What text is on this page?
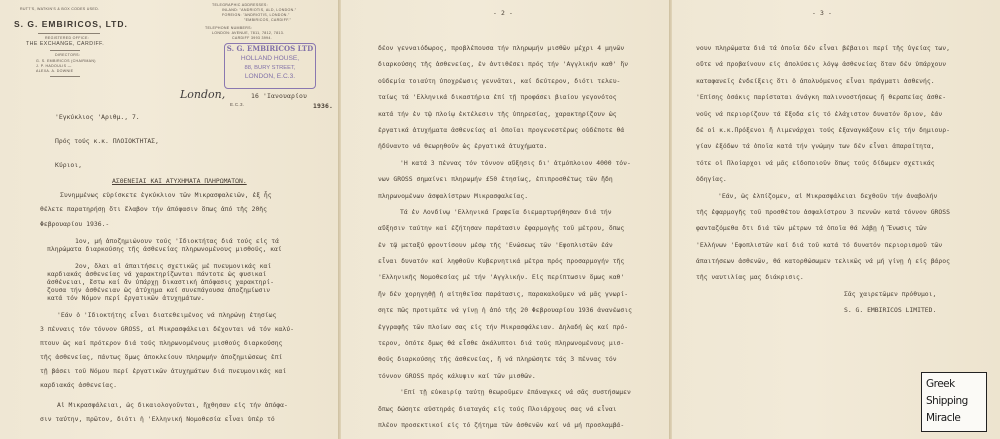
RUTT'S, WATKIN'S & BOX CODES USED.
S. G. EMBIRICOS, LTD.
REGISTERED OFFICE:
THE EXCHANGE, CARDIFF.
DIRECTORS:
G. S. EMBIRICOS (CHAIRMAN)
J. P. HADOULIS —
ALEXA. A. DOWNIE
TELEGRAPHIC ADDRESSES:
INLAND: "ANDRIOTIS, ALD, LONDON."
FOREIGN: "ANDRIOTIS, LONDON."
"EMBIRICOS, CARDIFF."
TELEPHONE NUMBERS:
LONDON: AVENUE, 7811, 7812, 7813.
CARDIFF 3993 3994.
S. G. EMBIRICOS LTD
HOLLAND HOUSE,
88, BURY STREET,
LONDON, E.C.3.
London,
E.C.3.
16 'Ιανουαρίου
1936.
'Εγκύκλιος 'Αριθμ., 7.
Πρός τούς κ.κ. ΠΛΟΙΟΚΤΗΤΑΣ,
Κύριοι,
ΑΣΘΕΝΕΙΑΙ ΚΑΙ ΑΤΥΧΗΜΑΤΑ ΠΛΗΡΩΜΑΤΩΝ.
Συνημμένως εὑρίσκετε ἐγκύκλιον τῶν Μικρασφαλειῶν, ἐξ ἧς
θέλετε παρατηρήσῃ ὅτι ἔλαβον τήν ἀπόφασιν ὅπως ἀπό τῆς 20ῆς
Φεβρουαρίου 1936.-
1ον, μή ἀποζημιώνουν τούς 'Ιδιοκτήτας διά τούς εἰς τά
πληρώματα διαρκούσης τῆς ἀσθενείας πληρωνομένους μισθούς, καί
2ον, ὅλαι αἱ ἀπαιτήσεις σχετικῶς μέ πνευμονικάς καί
καρδιακάς ἀσθενείας νά χαρακτηρίζωνται πάντοτε ὡς φυσικαί
ἀσθένειαι, ἔστω καί ἄν ὑπάρχῃ δικαστική ἀπόφασις χαρακτηρί-
ζουσα τήν ἀσθένειαν ὡς ἀτύχημα καί συνεπάγουσα ἀποζημίωσιν
κατά τόν Νόμον περί ἐργατικῶν ἀτυχημάτων.
'Εάν ὁ 'Ιδιοκτήτης εἶναι διατεθειμένος νά πληρώνῃ ἐτησίως
3 πένναις τόν τόννον GROSS, αἱ Μικρασφάλειαι δέχονται νά τόν καλύ-
πτουν ὡς καί πρότερον διά τούς πληρωνομένους μισθούς διαρκούσης
τῆς ἀσθενείας, πάντως ὅμως ἀποκλείουν πληρωμήν ἀποζημιώσεως ἐπί
τῇ βάσει τοῦ Νόμου περί ἐργατικῶν ἀτυχημάτων διά πνευμονικάς καί
καρδιακάς ἀσθενείας.
Αἱ Μικρασφάλειαι, ὡς δικαιολογοῦνται, ἤχθησαν εἰς τήν ἀπόφα-
σιν ταύτην, πρῶτον, διότι ἡ 'Ελληνική Νομοθεσία εἶναι ὑπέρ τό
- 2 -
δέον γενναιόδωρος, προβλέπουσα τήν πληρωμήν μισθῶν μέχρι 4 μηνῶν
διαρκούσης τῆς ἀσθενείας, ἐν ἀντιθέσει πρός τήν 'Αγγλικήν καθ' ἥν
οὐδεμία τοιαύτη ὑποχρέωσις γεννᾶται, καί δεύτερον, διότι τελευ-
ταίως τά 'Ελληνικά δικαστήρια ἐπί τῇ προφάσει βιαίου γεγονότος
κατά τήν ἐν τῷ πλοίῳ ἐκτέλεσιν τῆς ὑπηρεσίας, χαρακτηρίζουν ὡς
ἐργατικά ἀτυχήματα ἀσθενείας αἱ ὁποῖαι προγενεστέρως οὐδέποτε θά
ἠδύναντο νά θεωρηθοῦν ὡς ἐργατικά ἀτυχήματα.
'Η κατά 3 πέννας τόν τόννον αὔξησις δι' ἀτμόπλοιον 4000 τόν-
νων GROSS σημαίνει πληρωμήν £50 ἐτησίως, ἐπιπροσθέτως τῶν ἤδη
πληρωνομένων ἀσφαλίστρων Μικρασφαλείας.
Τά ἐν Λονδίνῳ 'Ελληνικά Γραφεῖα διεμαρτυρήθησαν διά τήν
αὔξησιν ταύτην καί ἐζήτησαν παράτασιν ἐφαρμογῆς τοῦ μέτρου, ὅπως
ἐν τῷ μεταξύ φροντίσουν μέσῳ τῆς 'Ενώσεως τῶν 'Εφοπλιστῶν ἐάν
εἶναι δυνατόν καί ληφθοῦν Κυβερνητικά μέτρα πρός προσαρμογήν τῆς
'Ελληνικῆς Νομοθεσίας μέ τήν 'Αγγλικήν. Εἰς περίπτωσιν ὅμως καθ'
ἥν δέν χορηγηθῇ ἡ αἰτηθεῖσα παράτασις, παρακαλοῦμεν νά μᾶς γνωρί-
σητε πῶς προτιμᾶτε νά γίνῃ ἡ ἀπό τῆς 20 Φεβρουαρίου 1936 ἀνανέωσις
ἐγγραφῆς τῶν πλοίων σας εἰς τήν Μικρασφάλειαν. Δηλαδή ὡς καί πρό-
τερον, ὁπότε ὅμως θά εἶσθε ἀκάλυπτοι διά τούς πληρωνομένους μισ-
θούς διαρκούσης τῆς ἀσθενείας, ἤ νά πληρώσητε τάς 3 πέννας τόν
τόννον GROSS πρός κάλυψιν καί τῶν μισθῶν.
'Επί τῇ εὐκαιρίᾳ ταύτῃ θεωροῦμεν ἐπάναγκες νά σᾶς συστήσωμεν
ὅπως δώσητε αὐστηράς διαταγάς εἰς τούς Πλοιάρχους σας νά εἶναι
πλέον προσεκτικοί εἰς τό ζήτημα τῶν ἀσθενῶν καί νά μή προσλαμβά-
- 3 -
νουν πληρώματα διά τά ὁποῖα δέν εἶναι βέβαιοι περί τῆς ὑγείας των,
οὔτε νά προβαίνουν εἰς ἀπολύσεις λόγῳ ἀσθενείας ὅταν δέν ὑπάρχουν
καταφανεῖς ἐνδείξεις ὅτι ὁ ἀπολυόμενος εἶναι πράγματι ἀσθενής.
'Επίσης ὁσάκις παρίσταται ἀνάγκη παλιννοστήσεως ἤ θεραπείας ἀσθε-
νοῦς νά περιορίζουν τά ἔξοδα εἰς τό ἐλάχιστον δυνατόν ὅριον, ἐάν
δέ οἱ κ.κ.Πρόξενοι ἤ Λιμενάρχαι τούς ἐξαναγκάζουν εἰς τήν δημιουρ-
γίαν ἐξόδων τά ὁποῖα κατά τήν γνώμην των δέν εἶναι ἀπαραίτητα,
τότε οἱ Πλοίαρχοι νά μᾶς εἰδοποιοῦν ὅπως τούς δίδωμεν σχετικάς
ὁδηγίας.
'Εάν, ὡς ἐλπίζομεν, αἱ Μικρασφάλειαι δεχθοῦν τήν ἀναβολήν
τῆς ἐφαρμογῆς τοῦ προσθέτου ἀσφαλίστρου 3 πεννῶν κατά τόννον GROSS
φανταζόμεθα ὅτι διά τῶν μέτρων τά ὁποῖα θά λάβῃ ἡ Ἕνωσις τῶν
'Ελλήνων 'Εφοπλιστῶν καί διά τοῦ κατά τό δυνατόν περιορισμοῦ τῶν
ἀπαιτήσεων ἀσθενῶν, θά κατορθώσωμεν τελικῶς νά μή γίνῃ ἡ εἰς βάρος
τῆς ναυτιλίας μας διάκρισις.
Σᾶς χαιρετῶμεν πρόθυμοι,
S. G. EMBIRICOS LIMITED.
Greek
Shipping
Miracle
